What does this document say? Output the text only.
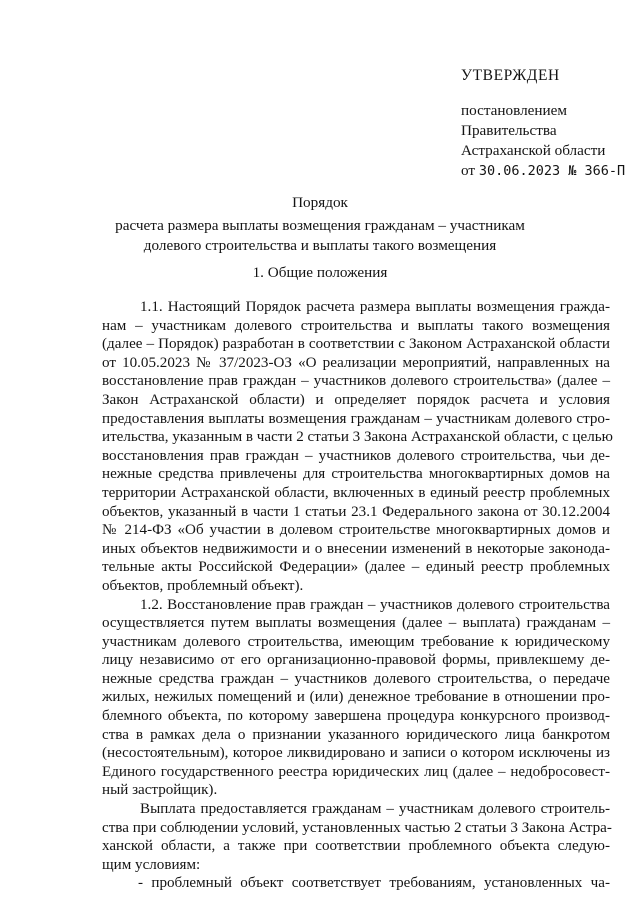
УТВЕРЖДЕН
постановлением
Правительства
Астраханской области
от 30.06.2023 № 366-П
Порядок
расчета размера выплаты возмещения гражданам – участникам
долевого строительства и выплаты такого возмещения
1. Общие положения
1.1. Настоящий Порядок расчета размера выплаты возмещения гражда-
нам – участникам долевого строительства и выплаты такого возмещения
(далее – Порядок) разработан в соответствии с Законом Астраханской области
от 10.05.2023 № 37/2023-ОЗ «О реализации мероприятий, направленных на
восстановление прав граждан – участников долевого строительства» (далее –
Закон Астраханской области) и определяет порядок расчета и условия
предоставления выплаты возмещения гражданам – участникам долевого стро-
ительства, указанным в части 2 статьи 3 Закона Астраханской области, с целью
восстановления прав граждан – участников долевого строительства, чьи де-
нежные средства привлечены для строительства многоквартирных домов на
территории Астраханской области, включенных в единый реестр проблемных
объектов, указанный в части 1 статьи 23.1 Федерального закона от 30.12.2004
№ 214-ФЗ «Об участии в долевом строительстве многоквартирных домов и
иных объектов недвижимости и о внесении изменений в некоторые законода-
тельные акты Российской Федерации» (далее – единый реестр проблемных
объектов, проблемный объект).
1.2. Восстановление прав граждан – участников долевого строительства
осуществляется путем выплаты возмещения (далее – выплата) гражданам –
участникам долевого строительства, имеющим требование к юридическому
лицу независимо от его организационно-правовой формы, привлекшему де-
нежные средства граждан – участников долевого строительства, о передаче
жилых, нежилых помещений и (или) денежное требование в отношении про-
блемного объекта, по которому завершена процедура конкурсного производ-
ства в рамках дела о признании указанного юридического лица банкротом
(несостоятельным), которое ликвидировано и записи о котором исключены из
Единого государственного реестра юридических лиц (далее – недобросовест-
ный застройщик).
Выплата предоставляется гражданам – участникам долевого строитель-
ства при соблюдении условий, установленных частью 2 статьи 3 Закона Астра-
ханской области, а также при соответствии проблемного объекта следую-
щим условиям:
- проблемный объект соответствует требованиям, установленных ча-
